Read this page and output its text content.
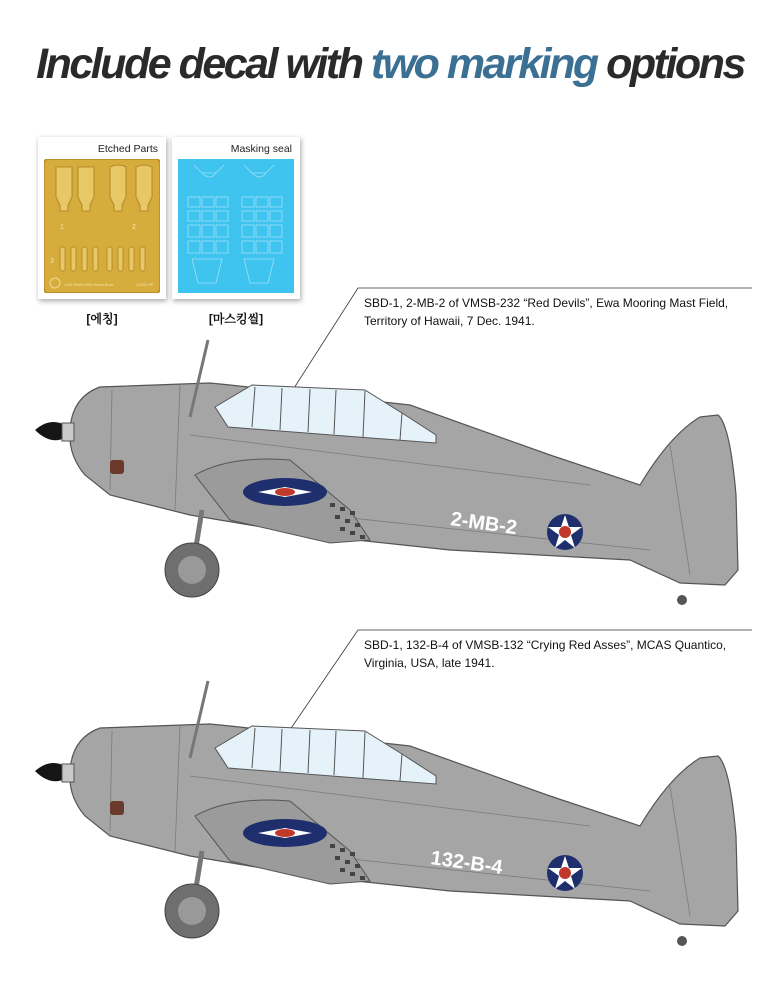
Include decal with two marking options
Etched Parts
1	2
3
1/48 WWII USN Scout Bom	12331 PE
[에칭]
Masking seal
[마스킹씰]
SBD-1, 2-MB-2 of VMSB-232 “Red Devils”, Ewa Mooring Mast Field,
Territory of Hawaii, 7 Dec. 1941.
SBD-1, 132-B-4 of VMSB-132 “Crying Red Asses”, MCAS Quantico,
Virginia, USA, late 1941.
2-MB-2
132-B-4
